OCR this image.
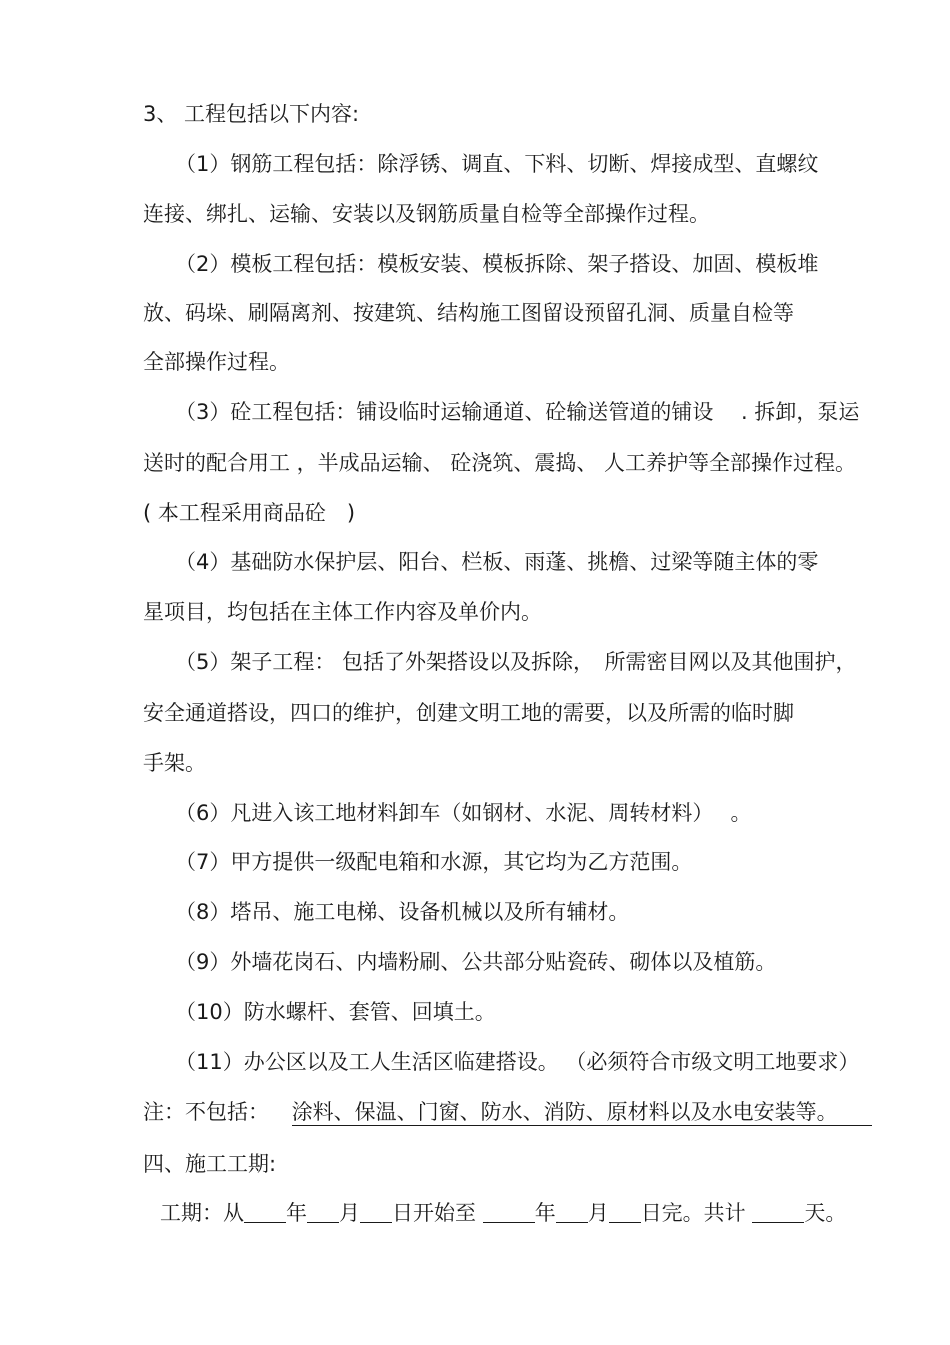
3、 工程包括以下内容:
（1）钢筋工程包括：除浮锈、调直、下料、切断、焊接成型、直螺纹
连接、绑扎、运输、安装以及钢筋质量自检等全部操作过程。
（2）模板工程包括：模板安装、模板拆除、架子搭设、加固、模板堆
放、码垛、刷隔离剂、按建筑、结构施工图留设预留孔洞、质量自检等
全部操作过程。
（3）砼工程包括：铺设临时运输通道、砼输送管道的铺设　 . 拆卸，泵运
送时的配合用工 ，半成品运输、 砼浇筑、震捣、 人工养护等全部操作过程。
( 本工程采用商品砼　)
（4）基础防水保护层、阳台、栏板、雨蓬、挑檐、过梁等随主体的零
星项目，均包括在主体工作内容及单价内。
（5）架子工程： 包括了外架搭设以及拆除，　所需密目网以及其他围护，
安全通道搭设，四口的维护，创建文明工地的需要，以及所需的临时脚
手架。
（6）凡进入该工地材料卸车（如钢材、水泥、周转材料）　 。
（7）甲方提供一级配电箱和水源，其它均为乙方范围。
（8）塔吊、施工电梯、设备机械以及所有辅材。
（9）外墙花岗石、内墙粉刷、公共部分贴瓷砖、砌体以及植筋。
（10）防水螺杆、套管、回填土。
（11）办公区以及工人生活区临建搭设。 （必须符合市级文明工地要求）
注：不包括： 涂料、保温、门窗、防水、消防、原材料以及水电安装等。
四、施工工期:
工期：从 年 月 日开始至	年 月 日完。共计	天。
